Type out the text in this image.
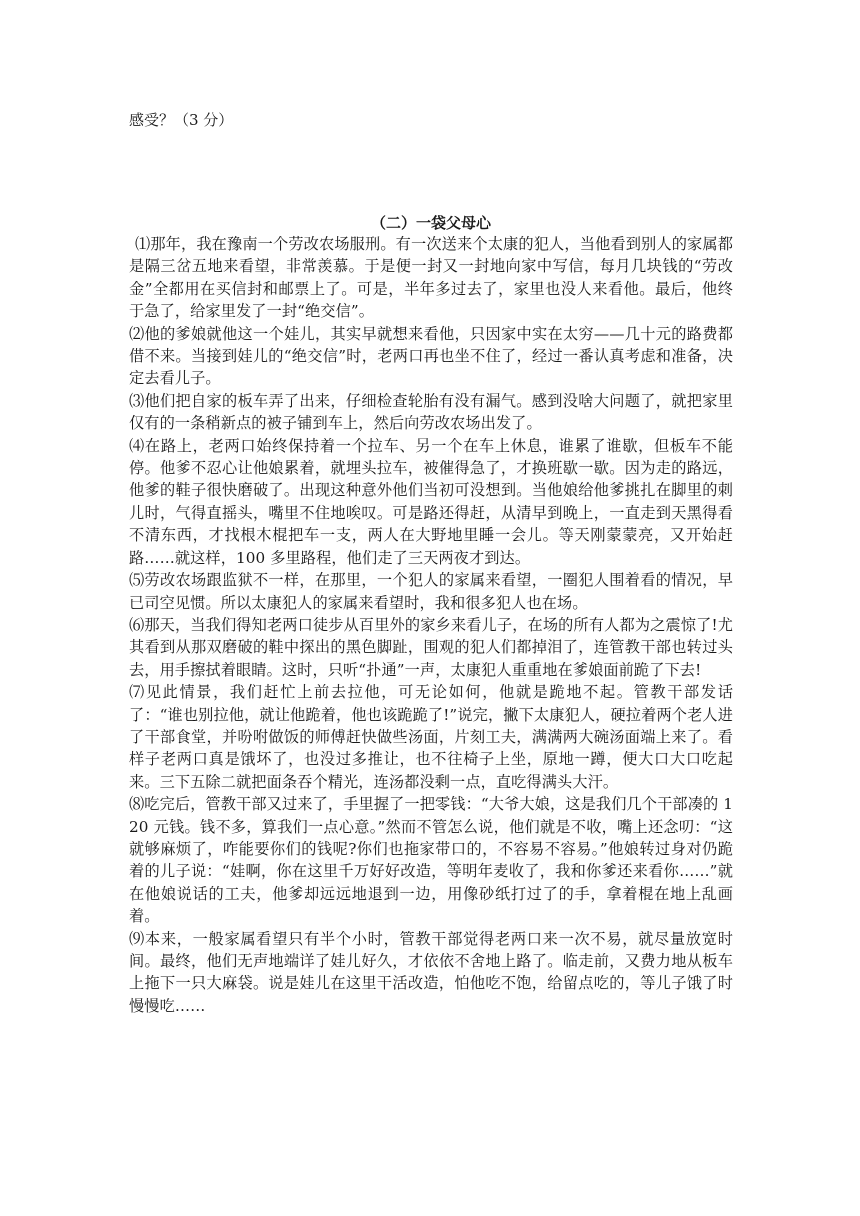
感受？（3 分）
（二）一袋父母心

⑴那年，我在豫南一个劳改农场服刑。有一次送来个太康的犯人，当他看到别人的家属都是隔三岔五地来看望，非常羡慕。于是便一封又一封地向家中写信，每月几块钱的“劳改金”全都用在买信封和邮票上了。可是，半年多过去了，家里也没人来看他。最后，他终于急了，给家里发了一封“绝交信”。

⑵他的爹娘就他这一个娃儿，其实早就想来看他，只因家中实在太穷——几十元的路费都借不来。当接到娃儿的“绝交信”时，老两口再也坐不住了，经过一番认真考虑和准备，决定去看儿子。

⑶他们把自家的板车弄了出来，仔细检查轮胎有没有漏气。感到没啥大问题了，就把家里仅有的一条稍新点的被子铺到车上，然后向劳改农场出发了。

⑷在路上，老两口始终保持着一个拉车、另一个在车上休息，谁累了谁歇，但板车不能停。他爹不忍心让他娘累着，就埋头拉车，被催得急了，才换班歇一歇。因为走的路远，他爹的鞋子很快磨破了。出现这种意外他们当初可没想到。当他娘给他爹挑扎在脚里的刺儿时，气得直摇头，嘴里不住地唉叹。可是路还得赶，从清早到晚上，一直走到天黑得看不清东西，才找根木棍把车一支，两人在大野地里睡一会儿。等天刚蒙蒙亮，又开始赶路……就这样，100 多里路程，他们走了三天两夜才到达。

⑸劳改农场跟监狱不一样，在那里，一个犯人的家属来看望，一圈犯人围着看的情况，早已司空见惯。所以太康犯人的家属来看望时，我和很多犯人也在场。

⑹那天，当我们得知老两口徒步从百里外的家乡来看儿子，在场的所有人都为之震惊了!尤其看到从那双磨破的鞋中探出的黑色脚趾，围观的犯人们都掉泪了，连管教干部也转过头去，用手擦拭着眼睛。这时，只听“扑通”一声，太康犯人重重地在爹娘面前跪了下去!

⑺见此情景，我们赶忙上前去拉他，可无论如何，他就是跪地不起。管教干部发话了：“谁也别拉他，就让他跪着，他也该跪跪了!”说完，撇下太康犯人，硬拉着两个老人进了干部食堂，并吩咐做饭的师傅赶快做些汤面，片刻工夫，满满两大碗汤面端上来了。看样子老两口真是饿坏了，也没过多推让，也不往椅子上坐，原地一蹲，便大口大口吃起来。三下五除二就把面条吞个精光，连汤都没剩一点，直吃得满头大汗。

⑻吃完后，管教干部又过来了，手里握了一把零钱：“大爷大娘，这是我们几个干部凑的 120 元钱。钱不多，算我们一点心意。”然而不管怎么说，他们就是不收，嘴上还念叨：“这就够麻烦了，咋能要你们的钱呢?你们也拖家带口的，不容易不容易。”他娘转过身对仍跪着的儿子说：“娃啊，你在这里千万好好改造，等明年麦收了，我和你爹还来看你……”就在他娘说话的工夫，他爹却远远地退到一边，用像砂纸打过了的手，拿着棍在地上乱画着。

⑼本来，一般家属看望只有半个小时，管教干部觉得老两口来一次不易，就尽量放宽时间。最终，他们无声地端详了娃儿好久，才依依不舍地上路了。临走前，又费力地从板车上拖下一只大麻袋。说是娃儿在这里干活改造，怕他吃不饱，给留点吃的，等儿子饿了时慢慢吃……
